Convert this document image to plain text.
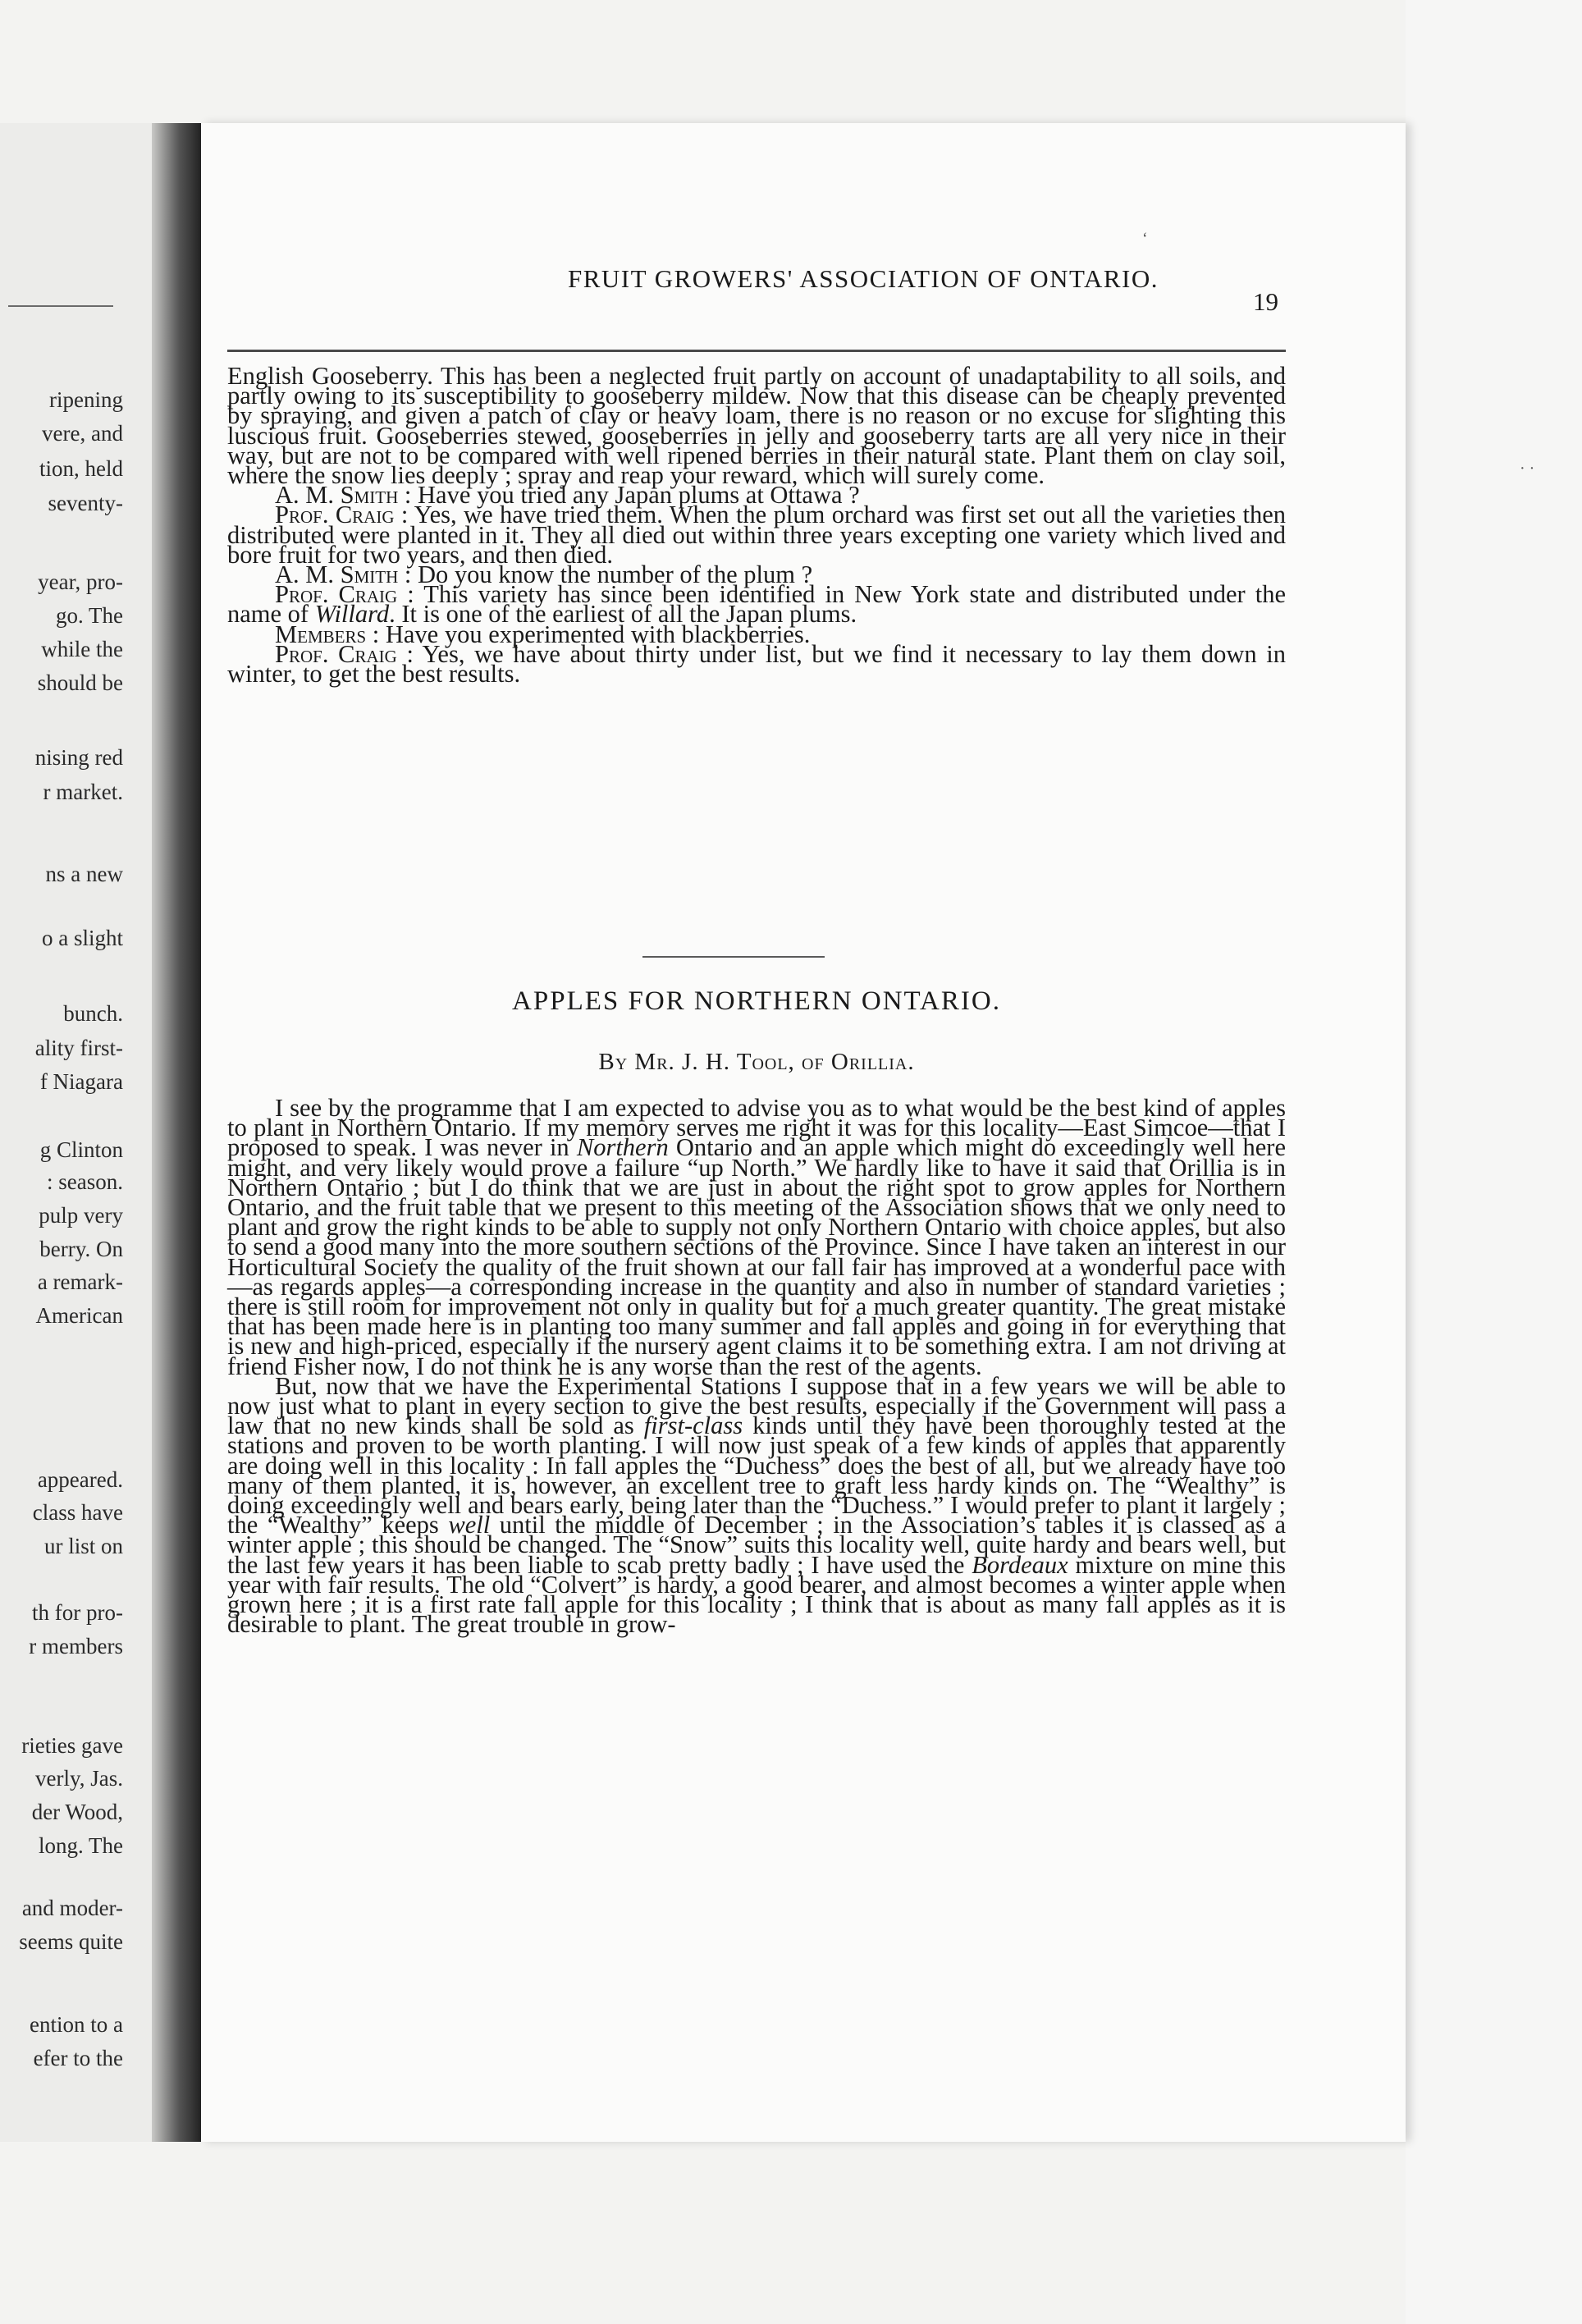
ripening
vere, and
tion, held
seventy-
year, pro-
go. The
while the
should be
nising red
r market.
ns a new
o a slight
bunch.
ality first-
f Niagara
g Clinton
: season.
pulp very
berry. On
a remark-
American
appeared.
class have
ur list on
th for pro-
r members
rieties gave
verly, Jas.
der Wood,
long. The
and moder-
seems quite
ention to a
efer to the
FRUIT GROWERS' ASSOCIATION OF ONTARIO.
19

English Gooseberry. This has been a neglected fruit partly on account of unadaptability to all soils, and partly owing to its susceptibility to gooseberry mildew. Now that this disease can be cheaply prevented by spraying, and given a patch of clay or heavy loam, there is no reason or no excuse for slighting this luscious fruit. Gooseberries stewed, gooseberries in jelly and gooseberry tarts are all very nice in their way, but are not to be compared with well ripened berries in their natural state. Plant them on clay soil, where the snow lies deeply ; spray and reap your reward, which will surely come.

A. M. Smith : Have you tried any Japan plums at Ottawa ?

Prof. Craig : Yes, we have tried them. When the plum orchard was first set out all the varieties then distributed were planted in it. They all died out within three years excepting one variety which lived and bore fruit for two years, and then died.

A. M. Smith : Do you know the number of the plum ?

Prof. Craig : This variety has since been identified in New York state and distributed under the name of Willard. It is one of the earliest of all the Japan plums.

Members : Have you experimented with blackberries.

Prof. Craig : Yes, we have about thirty under list, but we find it necessary to lay them down in winter, to get the best results.

APPLES FOR NORTHERN ONTARIO.
By Mr. J. H. Tool, of Orillia.

I see by the programme that I am expected to advise you as to what would be the best kind of apples to plant in Northern Ontario. If my memory serves me right it was for this locality—East Simcoe—that I proposed to speak. I was never in Northern Ontario and an apple which might do exceedingly well here might, and very likely would prove a failure “up North.” We hardly like to have it said that Orillia is in Northern Ontario ; but I do think that we are just in about the right spot to grow apples for Northern Ontario, and the fruit table that we present to this meeting of the Association shows that we only need to plant and grow the right kinds to be able to supply not only Northern Ontario with choice apples, but also to send a good many into the more southern sections of the Province. Since I have taken an interest in our Horticultural Society the quality of the fruit shown at our fall fair has improved at a wonderful pace with—as regards apples—a corresponding increase in the quantity and also in number of standard varieties ; there is still room for improvement not only in quality but for a much greater quantity. The great mistake that has been made here is in planting too many summer and fall apples and going in for everything that is new and high-priced, especially if the nursery agent claims it to be something extra. I am not driving at friend Fisher now, I do not think he is any worse than the rest of the agents.

But, now that we have the Experimental Stations I suppose that in a few years we will be able to now just what to plant in every section to give the best results, especially if the Government will pass a law that no new kinds shall be sold as first-class kinds until they have been thoroughly tested at the stations and proven to be worth planting. I will now just speak of a few kinds of apples that apparently are doing well in this locality : In fall apples the “Duchess” does the best of all, but we already have too many of them planted, it is, however, an excellent tree to graft less hardy kinds on. The “Wealthy” is doing exceedingly well and bears early, being later than the “Duchess.” I would prefer to plant it largely ; the “Wealthy” keeps well until the middle of December ; in the Association’s tables it is classed as a winter apple ; this should be changed. The “Snow” suits this locality well, quite hardy and bears well, but the last few years it has been liable to scab pretty badly ; I have used the Bordeaux mixture on mine this year with fair results. The old “Colvert” is hardy, a good bearer, and almost becomes a winter apple when grown here ; it is a first rate fall apple for this locality ; I think that is about as many fall apples as it is desirable to plant. The great trouble in grow-

‘
· ·
